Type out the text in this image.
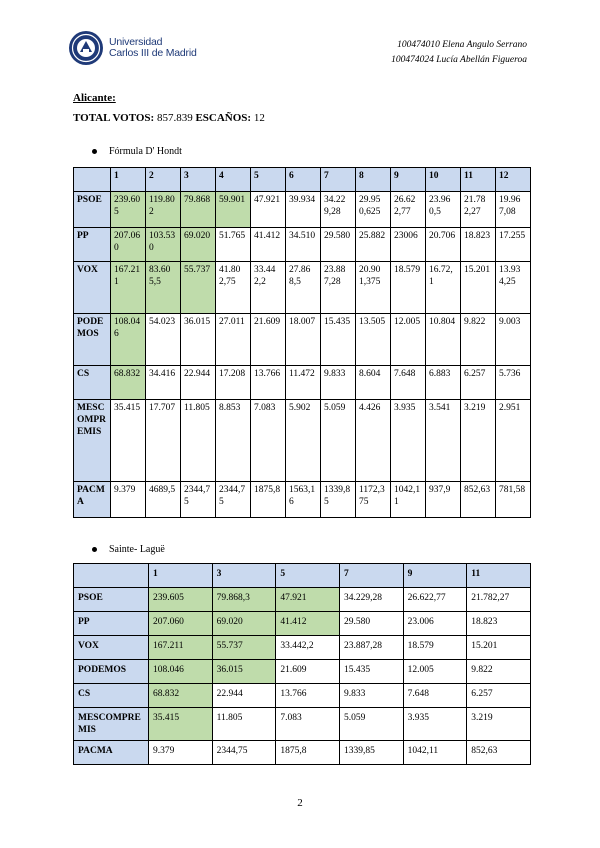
Universidad
Carlos III de Madrid
100474010 Elena Angulo Serrano
100474024 Lucía Abellán Figueroa
Alicante:
TOTAL VOTOS: 857.839 ESCAÑOS: 12
Fórmula D' Hondt
	1	2	3	4	5	6	7	8	9	10	11	12
PSOE	239.605	119.802	79.868	59.901	47.921	39.934	34.229,28	29.950,625	26.622,77	23.960,5	21.782,27	19.967,08
PP	207.060	103.530	69.020	51.765	41.412	34.510	29.580	25.882	23006	20.706	18.823	17.255
VOX	167.211	83.605,5	55.737	41.802,75	33.442,2	27.868,5	23.887,28	20.901,375	18.579	16.72,1	15.201	13.934,25
PODEMOS	108.046	54.023	36.015	27.011	21.609	18.007	15.435	13.505	12.005	10.804	9.822	9.003
CS	68.832	34.416	22.944	17.208	13.766	11.472	9.833	8.604	7.648	6.883	6.257	5.736
MESCOMPREMIS	35.415	17.707	11.805	8.853	7.083	5.902	5.059	4.426	3.935	3.541	3.219	2.951
PACMA	9.379	4689,5	2344,75	2344,75	1875,8	1563,16	1339,85	1172,375	1042,11	937,9	852,63	781,58
Sainte- Laguë
	1	3	5	7	9	11
PSOE	239.605	79.868,3	47.921	34.229,28	26.622,77	21.782,27
PP	207.060	69.020	41.412	29.580	23.006	18.823
VOX	167.211	55.737	33.442,2	23.887,28	18.579	15.201
PODEMOS	108.046	36.015	21.609	15.435	12.005	9.822
CS	68.832	22.944	13.766	9.833	7.648	6.257
MESCOMPREMIS	35.415	11.805	7.083	5.059	3.935	3.219
PACMA	9.379	2344,75	1875,8	1339,85	1042,11	852,63
2
